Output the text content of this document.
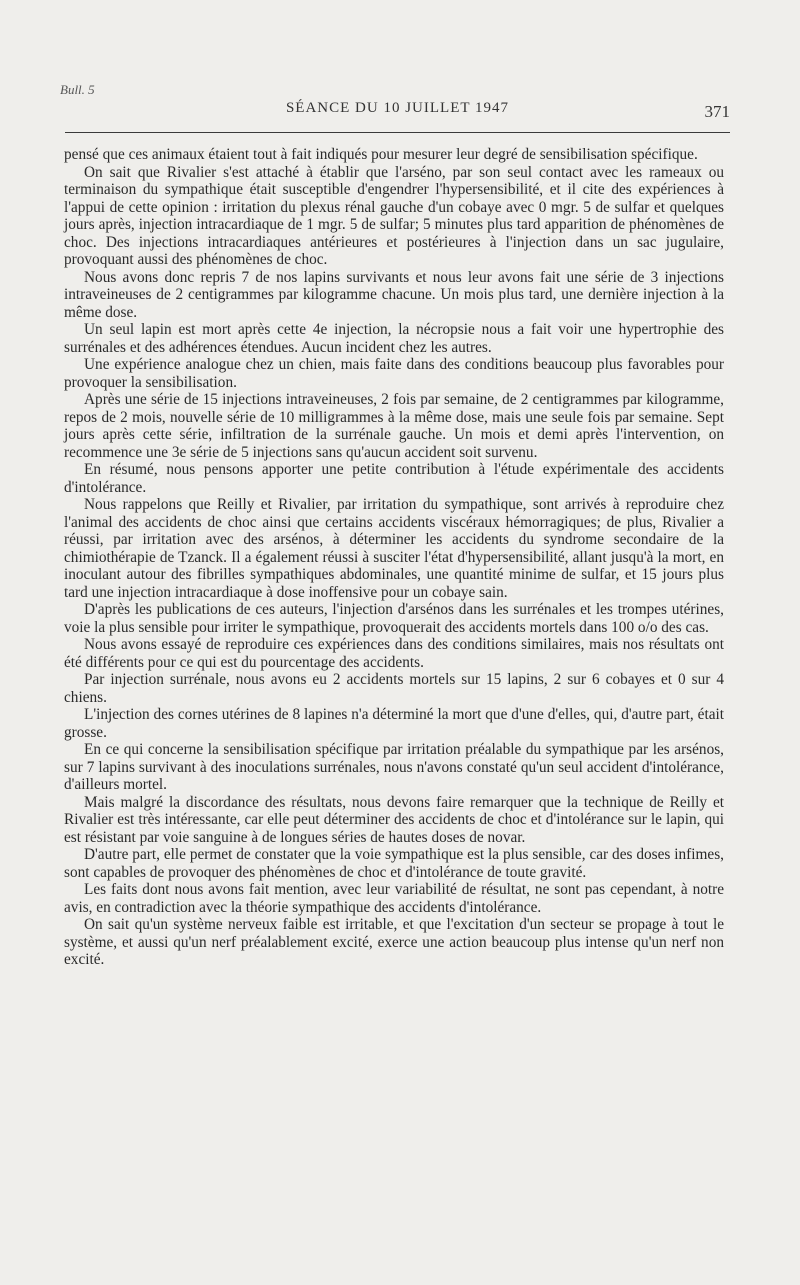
Bull. 5
SÉANCE DU 10 JUILLET 1947	371

pensé que ces animaux étaient tout à fait indiqués pour mesurer leur degré de sensibilisation spécifique.

On sait que Rivalier s'est attaché à établir que l'arséno, par son seul contact avec les rameaux ou terminaison du sympathique était susceptible d'engendrer l'hypersensibilité, et il cite des expériences à l'appui de cette opinion : irritation du plexus rénal gauche d'un cobaye avec 0 mgr. 5 de sulfar et quelques jours après, injection intracardiaque de 1 mgr. 5 de sulfar; 5 minutes plus tard apparition de phénomènes de choc. Des injections intracardiaques antérieures et postérieures à l'injection dans un sac jugulaire, provoquant aussi des phénomènes de choc.

Nous avons donc repris 7 de nos lapins survivants et nous leur avons fait une série de 3 injections intraveineuses de 2 centigrammes par kilogramme chacune. Un mois plus tard, une dernière injection à la même dose.

Un seul lapin est mort après cette 4e injection, la nécropsie nous a fait voir une hypertrophie des surrénales et des adhérences étendues. Aucun incident chez les autres.

Une expérience analogue chez un chien, mais faite dans des conditions beaucoup plus favorables pour provoquer la sensibilisation.

Après une série de 15 injections intraveineuses, 2 fois par semaine, de 2 centigrammes par kilogramme, repos de 2 mois, nouvelle série de 10 milligrammes à la même dose, mais une seule fois par semaine. Sept jours après cette série, infiltration de la surrénale gauche. Un mois et demi après l'intervention, on recommence une 3e série de 5 injections sans qu'aucun accident soit survenu.

En résumé, nous pensons apporter une petite contribution à l'étude expérimentale des accidents d'intolérance.

Nous rappelons que Reilly et Rivalier, par irritation du sympathique, sont arrivés à reproduire chez l'animal des accidents de choc ainsi que certains accidents viscéraux hémorragiques; de plus, Rivalier a réussi, par irritation avec des arsénos, à déterminer les accidents du syndrome secondaire de la chimiothérapie de Tzanck. Il a également réussi à susciter l'état d'hypersensibilité, allant jusqu'à la mort, en inoculant autour des fibrilles sympathiques abdominales, une quantité minime de sulfar, et 15 jours plus tard une injection intracardiaque à dose inoffensive pour un cobaye sain.

D'après les publications de ces auteurs, l'injection d'arsénos dans les surrénales et les trompes utérines, voie la plus sensible pour irriter le sympathique, provoquerait des accidents mortels dans 100 o/o des cas.

Nous avons essayé de reproduire ces expériences dans des conditions similaires, mais nos résultats ont été différents pour ce qui est du pourcentage des accidents.

Par injection surrénale, nous avons eu 2 accidents mortels sur 15 lapins, 2 sur 6 cobayes et 0 sur 4 chiens.

L'injection des cornes utérines de 8 lapines n'a déterminé la mort que d'une d'elles, qui, d'autre part, était grosse.

En ce qui concerne la sensibilisation spécifique par irritation préalable du sympathique par les arsénos, sur 7 lapins survivant à des inoculations surrénales, nous n'avons constaté qu'un seul accident d'intolérance, d'ailleurs mortel.

Mais malgré la discordance des résultats, nous devons faire remarquer que la technique de Reilly et Rivalier est très intéressante, car elle peut déterminer des accidents de choc et d'intolérance sur le lapin, qui est résistant par voie sanguine à de longues séries de hautes doses de novar.

D'autre part, elle permet de constater que la voie sympathique est la plus sensible, car des doses infimes, sont capables de provoquer des phénomènes de choc et d'intolérance de toute gravité.

Les faits dont nous avons fait mention, avec leur variabilité de résultat, ne sont pas cependant, à notre avis, en contradiction avec la théorie sympathique des accidents d'intolérance.

On sait qu'un système nerveux faible est irritable, et que l'excitation d'un secteur se propage à tout le système, et aussi qu'un nerf préalablement excité, exerce une action beaucoup plus intense qu'un nerf non excité.
